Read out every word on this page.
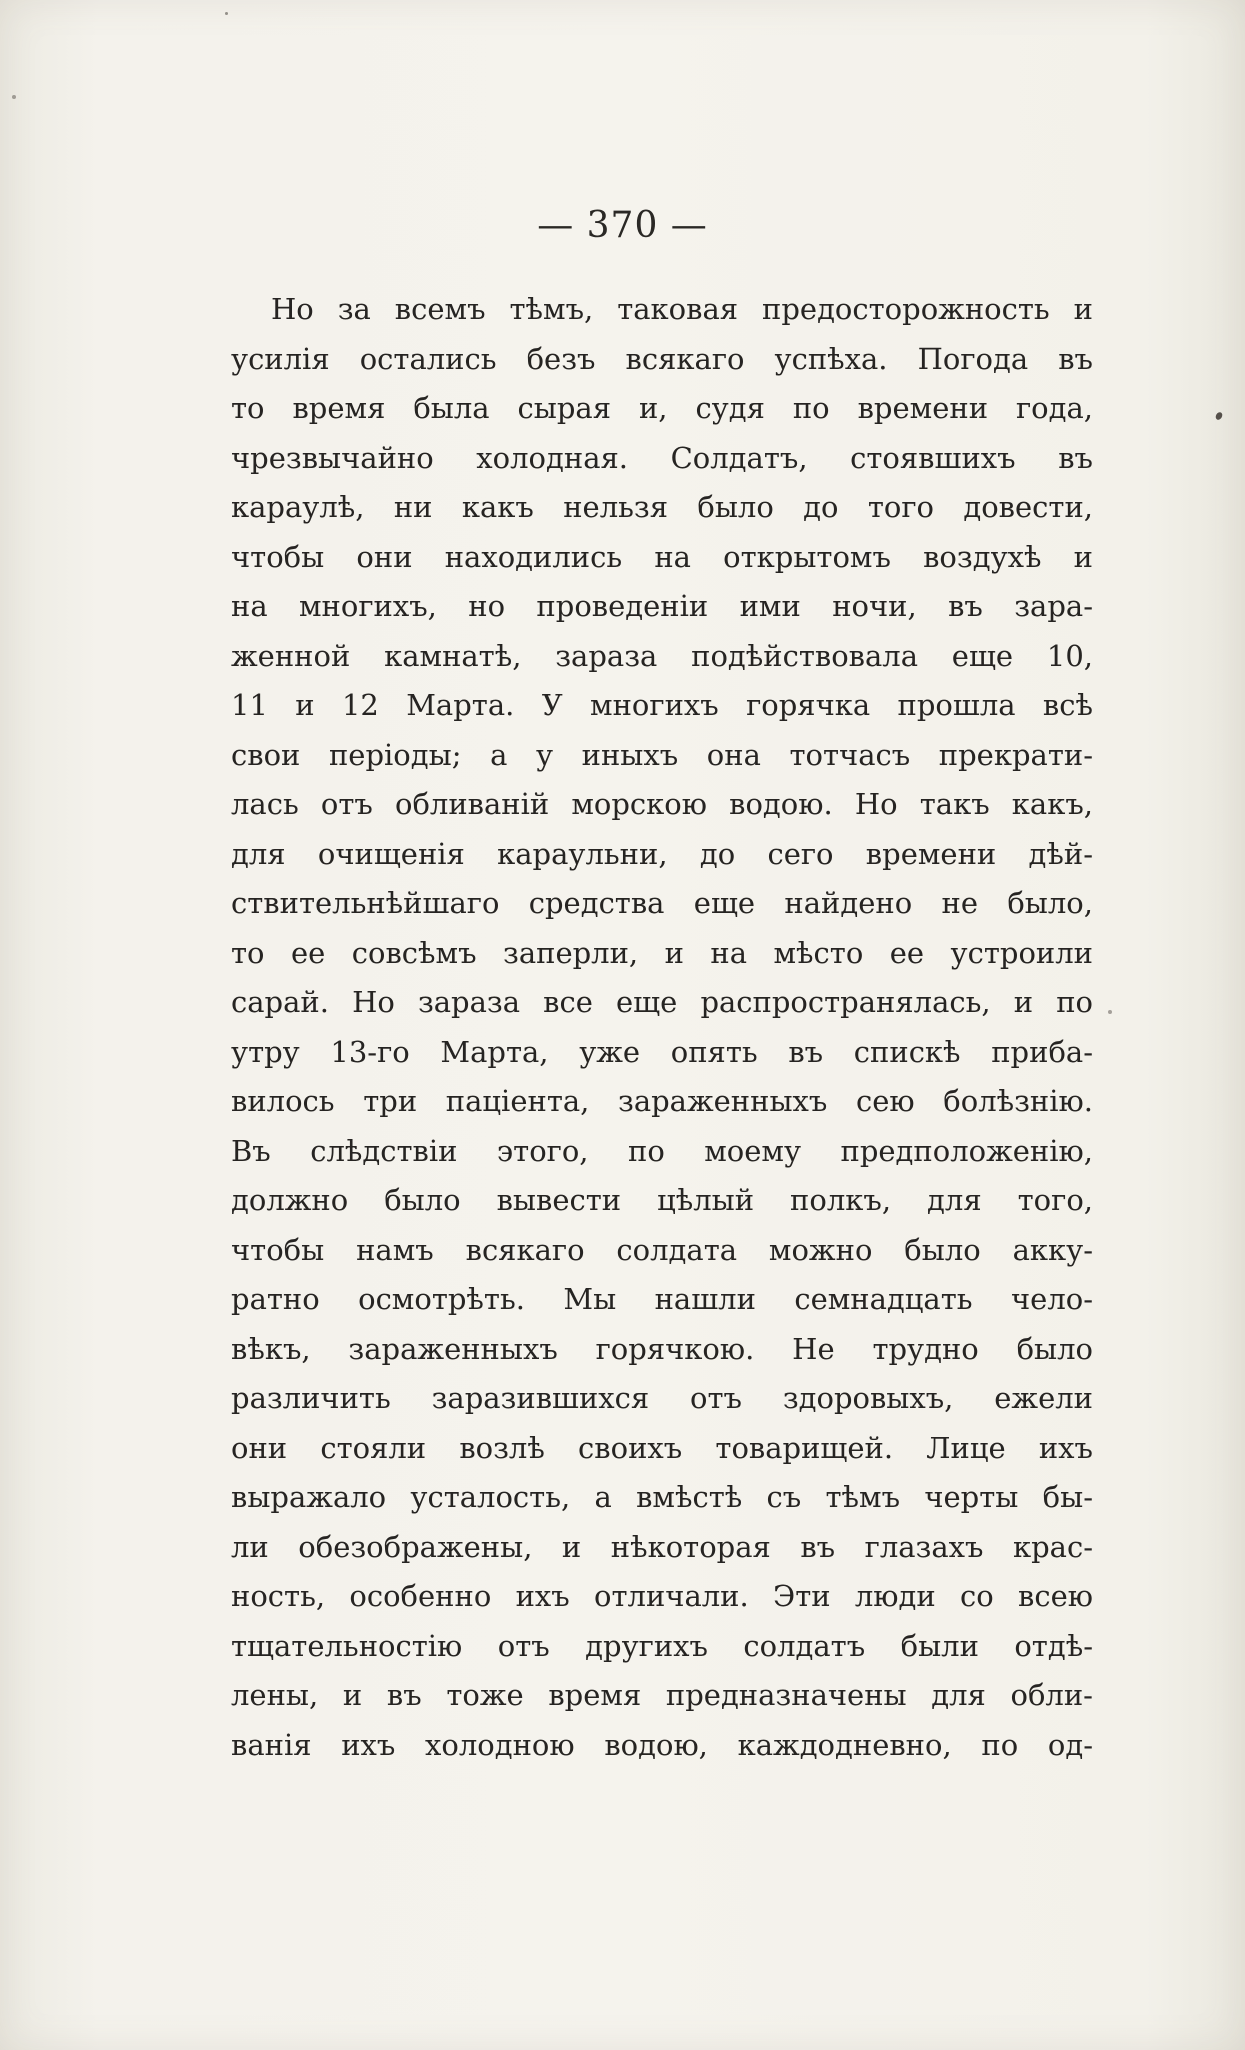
— 370 —
Но за всемъ тѣмъ, таковая предосторожность и
усилія остались безъ всякаго успѣха. Погода въ
то время была сырая и, судя по времени года,
чрезвычайно холодная. Солдатъ, стоявшихъ въ
караулѣ, ни какъ нельзя было до того довести,
чтобы они находились на открытомъ воздухѣ и
на многихъ, но проведеніи ими ночи, въ зара-
женной камнатѣ, зараза подѣйствовала еще 10,
11 и 12 Марта. У многихъ горячка прошла всѣ
свои періоды; а у иныхъ она тотчасъ прекрати-
лась отъ обливаній морскою водою. Но такъ какъ,
для очищенія караульни, до сего времени дѣй-
ствительнѣйшаго средства еще найдено не было,
то ее совсѣмъ заперли, и на мѣсто ее устроили
сарай. Но зараза все еще распространялась, и по
утру 13-го Марта, уже опять въ спискѣ приба-
вилось три паціента, зараженныхъ сею болѣзнію.
Въ слѣдствіи этого, по моему предположенію,
должно было вывести цѣлый полкъ, для того,
чтобы намъ всякаго солдата можно было акку-
ратно осмотрѣть. Мы нашли семнадцать чело-
вѣкъ, зараженныхъ горячкою. Не трудно было
различить заразившихся отъ здоровыхъ, ежели
они стояли возлѣ своихъ товарищей. Лице ихъ
выражало усталость, а вмѣстѣ съ тѣмъ черты бы-
ли обезображены, и нѣкоторая въ глазахъ крас-
ность, особенно ихъ отличали. Эти люди со всею
тщательностію отъ другихъ солдатъ были отдѣ-
лены, и въ тоже время предназначены для обли-
ванія ихъ холодною водою, каждодневно, по од-
